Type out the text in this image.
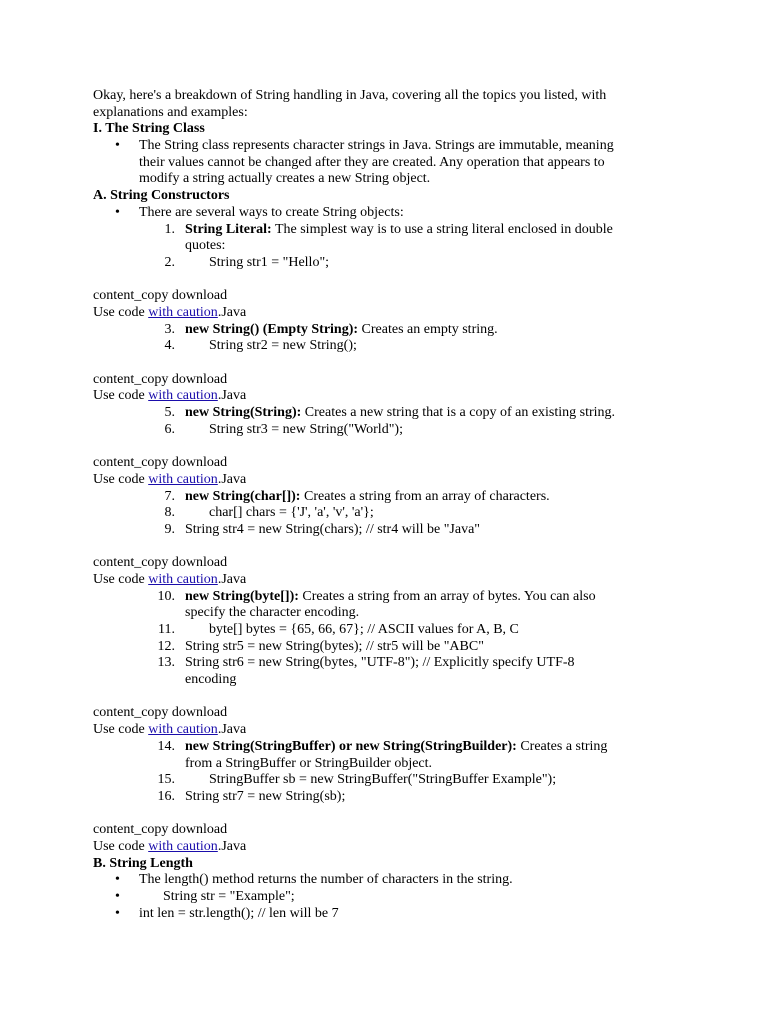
Okay, here's a breakdown of String handling in Java, covering all the topics you listed, with
explanations and examples:
I. The String Class
• The String class represents character strings in Java. Strings are immutable, meaning
their values cannot be changed after they are created. Any operation that appears to
modify a string actually creates a new String object.
A. String Constructors
• There are several ways to create String objects:
1. String Literal: The simplest way is to use a string literal enclosed in double
quotes:
2. String str1 = "Hello";
content_copy download
Use code with caution.Java
3. new String() (Empty String): Creates an empty string.
4. String str2 = new String();
content_copy download
Use code with caution.Java
5. new String(String): Creates a new string that is a copy of an existing string.
6. String str3 = new String("World");
content_copy download
Use code with caution.Java
7. new String(char[]): Creates a string from an array of characters.
8. char[] chars = {'J', 'a', 'v', 'a'};
9. String str4 = new String(chars); // str4 will be "Java"
content_copy download
Use code with caution.Java
10. new String(byte[]): Creates a string from an array of bytes. You can also
specify the character encoding.
11. byte[] bytes = {65, 66, 67}; // ASCII values for A, B, C
12. String str5 = new String(bytes); // str5 will be "ABC"
13. String str6 = new String(bytes, "UTF-8"); // Explicitly specify UTF-8
encoding
content_copy download
Use code with caution.Java
14. new String(StringBuffer) or new String(StringBuilder): Creates a string
from a StringBuffer or StringBuilder object.
15. StringBuffer sb = new StringBuffer("StringBuffer Example");
16. String str7 = new String(sb);
content_copy download
Use code with caution.Java
B. String Length
• The length() method returns the number of characters in the string.
•	String str = "Example";
• int len = str.length(); // len will be 7
